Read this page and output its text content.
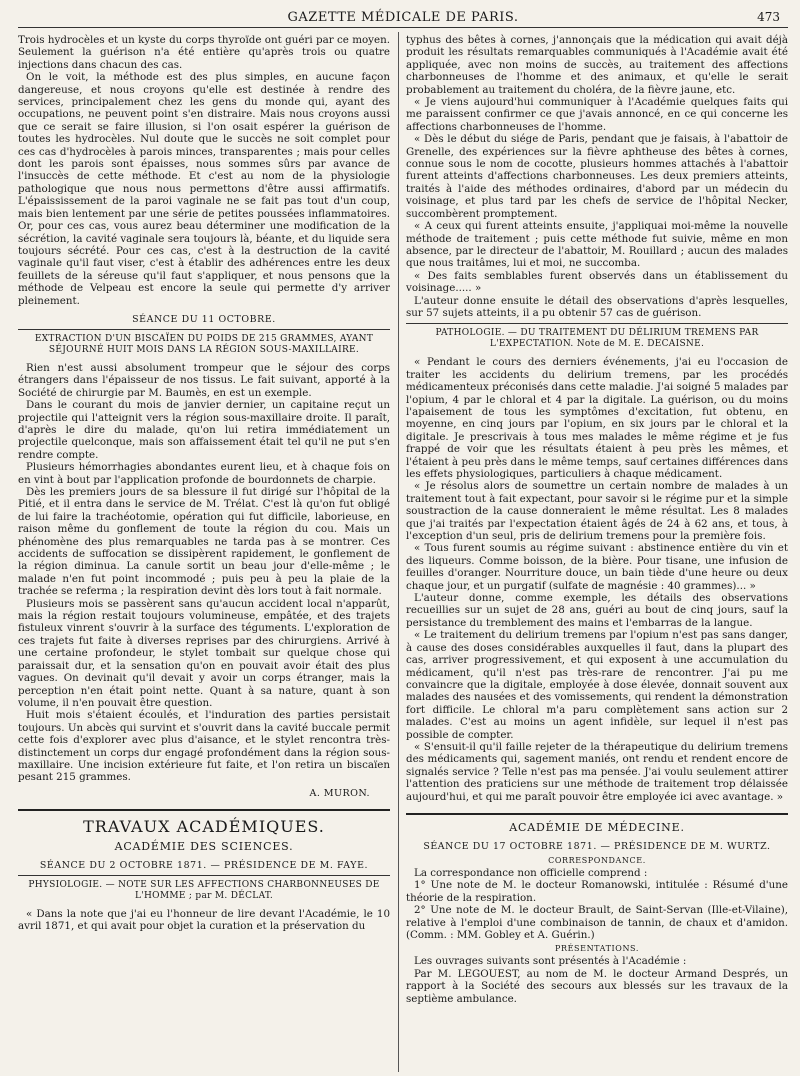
GAZETTE MÉDICALE DE PARIS.	473

Trois hydrocèles et un kyste du corps thyroïde ont guéri par ce moyen. Seulement la guérison n'a été entière qu'après trois ou quatre injections dans chacun des cas.

On le voit, la méthode est des plus simples, en aucune façon dangereuse, et nous croyons qu'elle est destinée à rendre des services, principalement chez les gens du monde qui, ayant des occupations, ne peuvent point s'en distraire. Mais nous croyons aussi que ce serait se faire illusion, si l'on osait espérer la guérison de toutes les hydrocèles. Nul doute que le succès ne soit complet pour ces cas d'hydrocèles à parois minces, transparentes ; mais pour celles dont les parois sont épaisses, nous sommes sûrs par avance de l'insuccès de cette méthode. Et c'est au nom de la physiologie pathologique que nous nous permettons d'être aussi affirmatifs. L'épaississement de la paroi vaginale ne se fait pas tout d'un coup, mais bien lentement par une série de petites poussées inflammatoires. Or, pour ces cas, vous aurez beau déterminer une modification de la sécrétion, la cavité vaginale sera toujours là, béante, et du liquide sera toujours sécrété. Pour ces cas, c'est à la destruction de la cavité vaginale qu'il faut viser, c'est à établir des adhérences entre les deux feuillets de la séreuse qu'il faut s'appliquer, et nous pensons que la méthode de Velpeau est encore la seule qui permette d'y arriver pleinement.

SÉANCE DU 11 OCTOBRE.
EXTRACTION D'UN BISCAÏEN DU POIDS DE 215 GRAMMES, AYANT SÉJOURNÉ HUIT MOIS DANS LA RÉGION SOUS-MAXILLAIRE.

Rien n'est aussi absolument trompeur que le séjour des corps étrangers dans l'épaisseur de nos tissus. Le fait suivant, apporté à la Société de chirurgie par M. Baumès, en est un exemple.

Dans le courant du mois de janvier dernier, un capitaine reçut un projectile qui l'atteignit vers la région sous-maxillaire droite. Il paraît, d'après le dire du malade, qu'on lui retira immédiatement un projectile quelconque, mais son affaissement était tel qu'il ne put s'en rendre compte.

Plusieurs hémorrhagies abondantes eurent lieu, et à chaque fois on en vint à bout par l'application profonde de bourdonnets de charpie.

Dès les premiers jours de sa blessure il fut dirigé sur l'hôpital de la Pitié, et il entra dans le service de M. Trélat. C'est là qu'on fut obligé de lui faire la trachéotomie, opération qui fut difficile, laborieuse, en raison même du gonflement de toute la région du cou. Mais un phénomène des plus remarquables ne tarda pas à se montrer. Ces accidents de suffocation se dissipèrent rapidement, le gonflement de la région diminua. La canule sortit un beau jour d'elle-même ; le malade n'en fut point incommodé ; puis peu à peu la plaie de la trachée se referma ; la respiration devint dès lors tout à fait normale.

Plusieurs mois se passèrent sans qu'aucun accident local n'apparût, mais la région restait toujours volumineuse, empâtée, et des trajets fistuleux vinrent s'ouvrir à la surface des téguments. L'exploration de ces trajets fut faite à diverses reprises par des chirurgiens. Arrivé à une certaine profondeur, le stylet tombait sur quelque chose qui paraissait dur, et la sensation qu'on en pouvait avoir était des plus vagues. On devinait qu'il devait y avoir un corps étranger, mais la perception n'en était point nette. Quant à sa nature, quant à son volume, il n'en pouvait être question.

Huit mois s'étaient écoulés, et l'induration des parties persistait toujours. Un abcès qui survint et s'ouvrit dans la cavité buccale permit cette fois d'explorer avec plus d'aisance, et le stylet rencontra très-distinctement un corps dur engagé profondément dans la région sous-maxillaire. Une incision extérieure fut faite, et l'on retira un biscaïen pesant 215 grammes.

A. MURON.
TRAVAUX ACADÉMIQUES.
ACADÉMIE DES SCIENCES.
SÉANCE DU 2 OCTOBRE 1871. — PRÉSIDENCE DE M. FAYE.
PHYSIOLOGIE. — NOTE SUR LES AFFECTIONS CHARBONNEUSES DE L'HOMME ; par M. DÉCLAT.

« Dans la note que j'ai eu l'honneur de lire devant l'Académie, le 10 avril 1871, et qui avait pour objet la curation et la préservation du

typhus des bêtes à cornes, j'annonçais que la médication qui avait déjà produit les résultats remarquables communiqués à l'Académie avait été appliquée, avec non moins de succès, au traitement des affections charbonneuses de l'homme et des animaux, et qu'elle le serait probablement au traitement du choléra, de la fièvre jaune, etc.

« Je viens aujourd'hui communiquer à l'Académie quelques faits qui me paraissent confirmer ce que j'avais annoncé, en ce qui concerne les affections charbonneuses de l'homme.

« Dès le début du siége de Paris, pendant que je faisais, à l'abattoir de Grenelle, des expériences sur la fièvre aphtheuse des bêtes à cornes, connue sous le nom de cocotte, plusieurs hommes attachés à l'abattoir furent atteints d'affections charbonneuses. Les deux premiers atteints, traités à l'aide des méthodes ordinaires, d'abord par un médecin du voisinage, et plus tard par les chefs de service de l'hôpital Necker, succombèrent promptement.

« A ceux qui furent atteints ensuite, j'appliquai moi-même la nouvelle méthode de traitement ; puis cette méthode fut suivie, même en mon absence, par le directeur de l'abattoir, M. Rouillard ; aucun des malades que nous traitâmes, lui et moi, ne succomba.

« Des faits semblables furent observés dans un établissement du voisinage..... »

L'auteur donne ensuite le détail des observations d'après lesquelles, sur 57 sujets atteints, il a pu obtenir 57 cas de guérison.

PATHOLOGIE. — DU TRAITEMENT DU DÉLIRIUM TREMENS PAR L'EXPECTATION. Note de M. E. DECAISNE.

« Pendant le cours des derniers événements, j'ai eu l'occasion de traiter les accidents du delirium tremens, par les procédés médicamenteux préconisés dans cette maladie. J'ai soigné 5 malades par l'opium, 4 par le chloral et 4 par la digitale. La guérison, ou du moins l'apaisement de tous les symptômes d'excitation, fut obtenu, en moyenne, en cinq jours par l'opium, en six jours par le chloral et la digitale. Je prescrivais à tous mes malades le même régime et je fus frappé de voir que les résultats étaient à peu près les mêmes, et l'étaient à peu près dans le même temps, sauf certaines différences dans les effets physiologiques, particuliers à chaque médicament.

« Je résolus alors de soumettre un certain nombre de malades à un traitement tout à fait expectant, pour savoir si le régime pur et la simple soustraction de la cause donneraient le même résultat. Les 8 malades que j'ai traités par l'expectation étaient âgés de 24 à 62 ans, et tous, à l'exception d'un seul, pris de delirium tremens pour la première fois.

« Tous furent soumis au régime suivant : abstinence entière du vin et des liqueurs. Comme boisson, de la bière. Pour tisane, une infusion de feuilles d'oranger. Nourriture douce, un bain tiède d'une heure ou deux chaque jour, et un purgatif (sulfate de magnésie : 40 grammes)... »

L'auteur donne, comme exemple, les détails des observations recueillies sur un sujet de 28 ans, guéri au bout de cinq jours, sauf la persistance du tremblement des mains et l'embarras de la langue.

« Le traitement du delirium tremens par l'opium n'est pas sans danger, à cause des doses considérables auxquelles il faut, dans la plupart des cas, arriver progressivement, et qui exposent à une accumulation du médicament, qu'il n'est pas très-rare de rencontrer. J'ai pu me convaincre que la digitale, employée à dose élevée, donnait souvent aux malades des nausées et des vomissements, qui rendent la démonstration fort difficile. Le chloral m'a paru complètement sans action sur 2 malades. C'est au moins un agent infidèle, sur lequel il n'est pas possible de compter.

« S'ensuit-il qu'il faille rejeter de la thérapeutique du delirium tremens des médicaments qui, sagement maniés, ont rendu et rendent encore de signalés service ? Telle n'est pas ma pensée. J'ai voulu seulement attirer l'attention des praticiens sur une méthode de traitement trop délaissée aujourd'hui, et qui me paraît pouvoir être employée ici avec avantage. »

ACADÉMIE DE MÉDECINE.
SÉANCE DU 17 OCTOBRE 1871. — PRÉSIDENCE DE M. WURTZ.
CORRESPONDANCE.

La correspondance non officielle comprend :

1° Une note de M. le docteur Romanowski, intitulée : Résumé d'une théorie de la respiration.

2° Une note de M. le docteur Brault, de Saint-Servan (Ille-et-Vilaine), relative à l'emploi d'une combinaison de tannin, de chaux et d'amidon. (Comm. : MM. Gobley et A. Guérin.)

PRÉSENTATIONS.

Les ouvrages suivants sont présentés à l'Académie :

Par M. LEGOUEST, au nom de M. le docteur Armand Després, un rapport à la Société des secours aux blessés sur les travaux de la septième ambulance.
